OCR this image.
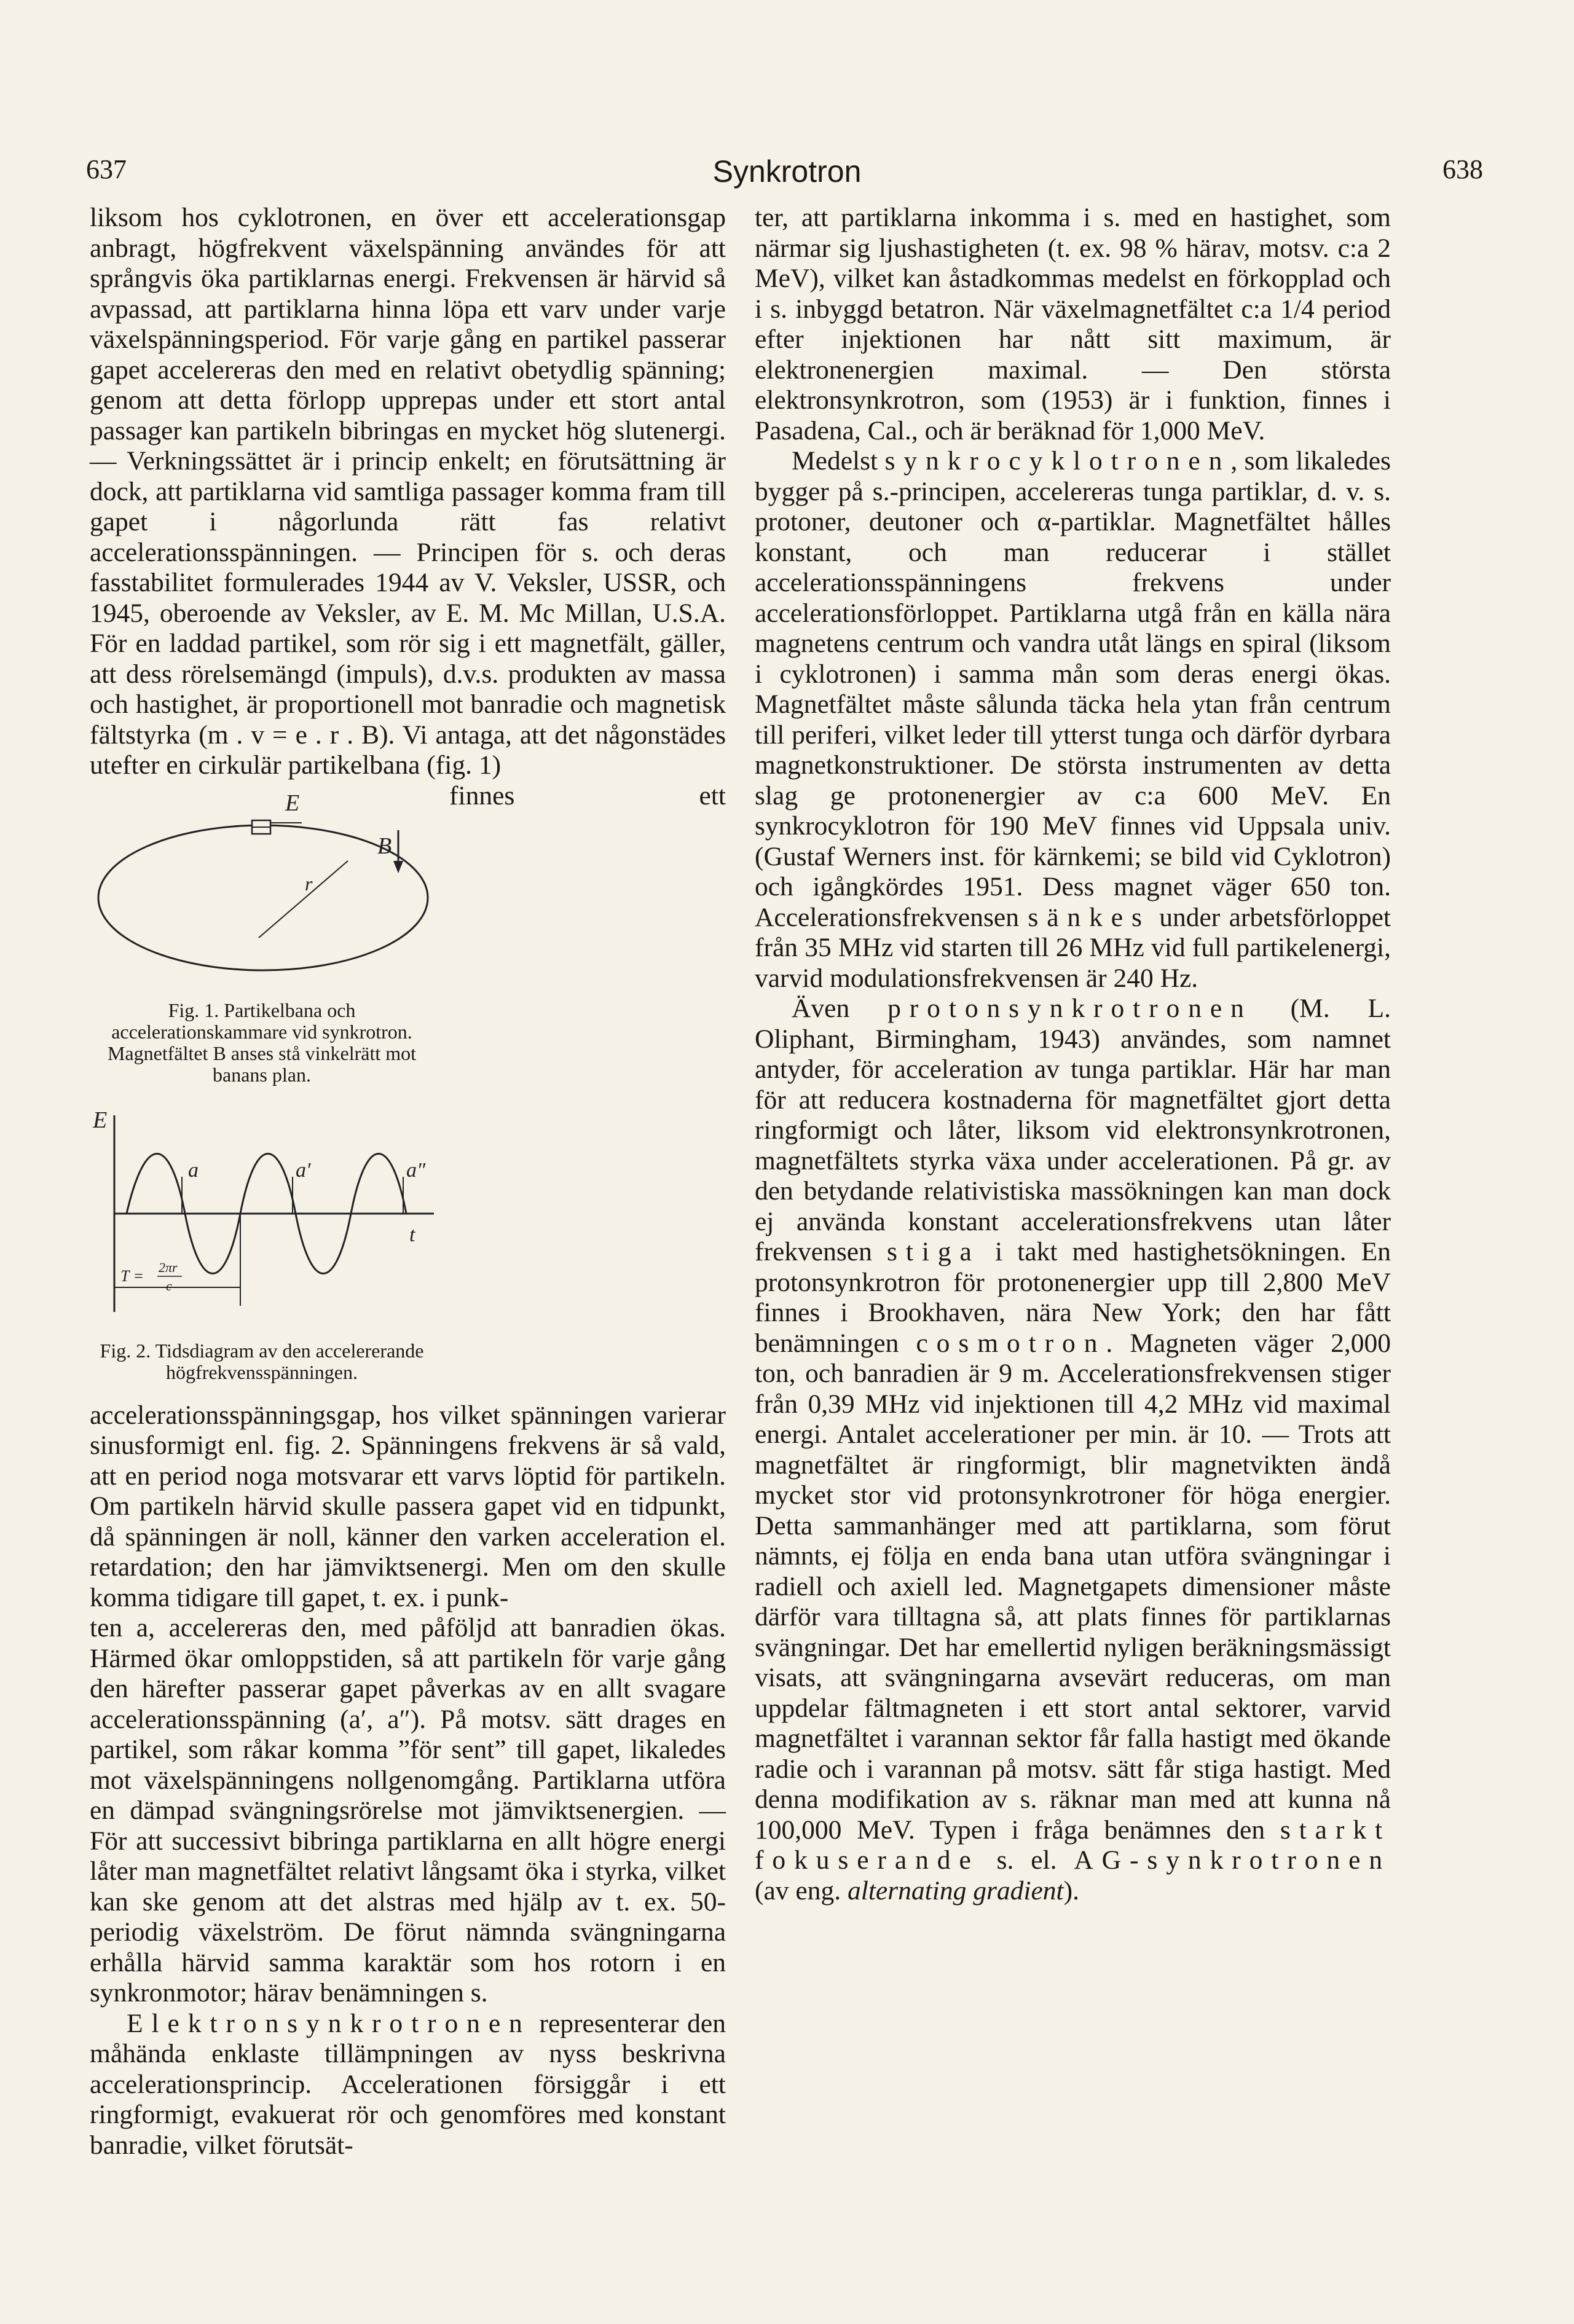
637	Synkrotron	638

liksom hos cyklotronen, en över ett accelerationsgap anbragt, högfrekvent växelspänning användes för att språngvis öka partiklarnas energi. Frekvensen är härvid så avpassad, att partiklarna hinna löpa ett varv under varje växelspänningsperiod. För varje gång en partikel passerar gapet accelereras den med en relativt obetydlig spänning; genom att detta förlopp upprepas under ett stort antal passager kan partikeln bibringas en mycket hög slutenergi. — Verkningssättet är i princip enkelt; en förutsättning är dock, att partiklarna vid samtliga passager komma fram till gapet i någorlunda rätt fas relativt accelerationsspänningen. — Principen för s. och deras fasstabilitet formulerades 1944 av V. Veksler, USSR, och 1945, oberoende av Veksler, av E. M. Mc Millan, U.S.A. För en laddad partikel, som rör sig i ett magnetfält, gäller, att dess rörelsemängd (impuls), d.v.s. produkten av massa och hastighet, är proportionell mot banradie och magnetisk fältstyrka (m . v = e . r . B). Vi antaga, att det någonstädes utefter en cirkulär partikelbana (fig. 1)

E
r
B
Fig. 1. Partikelbana och accelerationskammare vid synkrotron. Magnetfältet B anses stå vinkelrätt mot banans plan.
E
a	a′	a″
t
T = 2πr
c
Fig. 2. Tidsdiagram av den accelererande högfrekvensspänningen.

finnes ett accelerationsspänningsgap, hos vilket spänningen varierar sinusformigt enl. fig. 2. Spänningens frekvens är så vald, att en period noga motsvarar ett varvs löptid för partikeln. Om partikeln härvid skulle passera gapet vid en tidpunkt, då spänningen är noll, känner den varken acceleration el. retardation; den har jämviktsenergi. Men om den skulle komma tidigare till gapet, t. ex. i punk-

ten a, accelereras den, med påföljd att banradien ökas. Härmed ökar omloppstiden, så att partikeln för varje gång den härefter passerar gapet påverkas av en allt svagare accelerationsspänning (a′, a″). På motsv. sätt drages en partikel, som råkar komma ”för sent” till gapet, likaledes mot växelspänningens nollgenomgång. Partiklarna utföra en dämpad svängningsrörelse mot jämviktsenergien. — För att successivt bibringa partiklarna en allt högre energi låter man magnetfältet relativt långsamt öka i styrka, vilket kan ske genom att det alstras med hjälp av t. ex. 50-periodig växelström. De förut nämnda svängningarna erhålla härvid samma karaktär som hos rotorn i en synkronmotor; härav benämningen s.

Elektronsynkrotronen representerar den måhända enklaste tillämpningen av nyss beskrivna accelerationsprincip. Accelerationen försiggår i ett ringformigt, evakuerat rör och genomföres med konstant banradie, vilket förutsät-

ter, att partiklarna inkomma i s. med en hastighet, som närmar sig ljushastigheten (t. ex. 98 % härav, motsv. c:a 2 MeV), vilket kan åstadkommas medelst en förkopplad och i s. inbyggd betatron. När växelmagnetfältet c:a 1/4 period efter injektionen har nått sitt maximum, är elektronenergien maximal. — Den största elektronsynkrotron, som (1953) är i funktion, finnes i Pasadena, Cal., och är beräknad för 1,000 MeV.

Medelst synkrocyklotronen, som likaledes bygger på s.-principen, accelereras tunga partiklar, d. v. s. protoner, deutoner och α-partiklar. Magnetfältet hålles konstant, och man reducerar i stället accelerationsspänningens frekvens under accelerationsförloppet. Partiklarna utgå från en källa nära magnetens centrum och vandra utåt längs en spiral (liksom i cyklotronen) i samma mån som deras energi ökas. Magnetfältet måste sålunda täcka hela ytan från centrum till periferi, vilket leder till ytterst tunga och därför dyrbara magnetkonstruktioner. De största instrumenten av detta slag ge protonenergier av c:a 600 MeV. En synkrocyklotron för 190 MeV finnes vid Uppsala univ. (Gustaf Werners inst. för kärnkemi; se bild vid Cyklotron) och igångkördes 1951. Dess magnet väger 650 ton. Accelerationsfrekvensen sänkes under arbetsförloppet från 35 MHz vid starten till 26 MHz vid full partikelenergi, varvid modulationsfrekvensen är 240 Hz.

Även protonsynkrotronen (M. L. Oliphant, Birmingham, 1943) användes, som namnet antyder, för acceleration av tunga partiklar. Här har man för att reducera kostnaderna för magnetfältet gjort detta ringformigt och låter, liksom vid elektronsynkrotronen, magnetfältets styrka växa under accelerationen. På gr. av den betydande relativistiska massökningen kan man dock ej använda konstant accelerationsfrekvens utan låter frekvensen stiga i takt med hastighetsökningen. En protonsynkrotron för protonenergier upp till 2,800 MeV finnes i Brookhaven, nära New York; den har fått benämningen cosmotron. Magneten väger 2,000 ton, och banradien är 9 m. Accelerationsfrekvensen stiger från 0,39 MHz vid injektionen till 4,2 MHz vid maximal energi. Antalet accelerationer per min. är 10. — Trots att magnetfältet är ringformigt, blir magnetvikten ändå mycket stor vid protonsynkrotroner för höga energier. Detta sammanhänger med att partiklarna, som förut nämnts, ej följa en enda bana utan utföra svängningar i radiell och axiell led. Magnetgapets dimensioner måste därför vara tilltagna så, att plats finnes för partiklarnas svängningar. Det har emellertid nyligen beräkningsmässigt visats, att svängningarna avsevärt reduceras, om man uppdelar fältmagneten i ett stort antal sektorer, varvid magnetfältet i varannan sektor får falla hastigt med ökande radie och i varannan på motsv. sätt får stiga hastigt. Med denna modifikation av s. räknar man med att kunna nå 100,000 MeV. Typen i fråga benämnes den starkt fokuserande s. el. AG-synkrotronen (av eng. alternating gradient).
